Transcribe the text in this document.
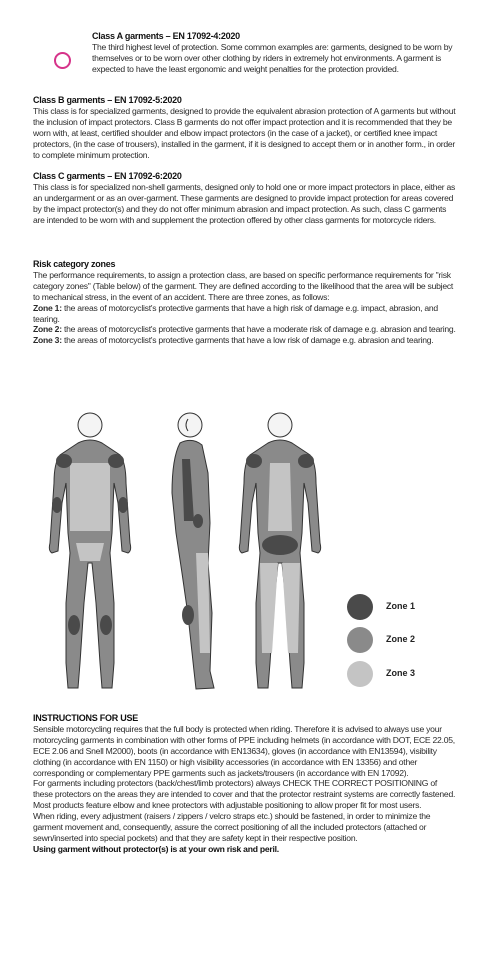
Class A garments – EN 17092-4:2020

The third highest level of protection. Some common examples are: garments, designed to be worn by themselves or to be worn over other clothing by riders in extremely hot environments. A garment is expected to have the least ergonomic and weight penalties for the protection provided.

Class B garments – EN 17092-5:2020

This class is for specialized garments, designed to provide the equivalent abrasion protection of A garments but without the inclusion of impact protectors. Class B garments do not offer impact protection and it is recommended that they be worn with, at least, certified shoulder and elbow impact protectors (in the case of a jacket), or certified knee impact protectors, (in the case of trousers), installed in the garment, if it is designed to accept them or in another form., in order to complete minimum protection.

Class C garments – EN 17092-6:2020

This class is for specialized non-shell garments, designed only to hold one or more impact protectors in place, either as an undergarment or as an over-garment. These garments are designed to provide impact protection for areas covered by the impact protector(s) and they do not offer minimum abrasion and impact protection. As such, class C garments are intended to be worn with and supplement the protection offered by other class garments for motorcycle riders.

Risk category zones

The performance requirements, to assign a protection class, are based on specific performance requirements for "risk category zones" (Table below) of the garment. They are defined according to the likelihood that the area will be subject to mechanical stress, in the event of an accident. There are three zones, as follows:

Zone 1: the areas of motorcyclist's protective garments that have a high risk of damage e.g. impact, abrasion, and tearing.

Zone 2: the areas of motorcyclist's protective garments that have a moderate risk of damage e.g. abrasion and tearing.

Zone 3: the areas of motorcyclist's protective garments that have a low risk of damage e.g. abrasion and tearing.

Zone 1
Zone 2
Zone 3
INSTRUCTIONS FOR USE

Sensible motorcycling requires that the full body is protected when riding. Therefore it is advised to always use your motorcycling garments in combination with other forms of PPE including helmets (in accordance with DOT, ECE 22.05, ECE 2.06 and Snell M2000), boots (in accordance with EN13634), gloves (in accordance with EN13594), visibility clothing (in accordance with EN 1150) or high visibility accessories (in accordance with EN 13356) and other corresponding or complementary PPE garments such as jackets/trousers (in accordance with EN 17092).

For garments including protectors (back/chest/limb protectors) always CHECK THE CORRECT POSITIONING of these protectors on the areas they are intended to cover and that the protector restraint systems are correctly fastened. Most products feature elbow and knee protectors with adjustable positioning to allow proper fit for most users.

When riding, every adjustment (raisers / zippers / velcro straps etc.) should be fastened, in order to minimize the garment movement and, consequently, assure the correct positioning of all the included protectors (attached or sewn/inserted into special pockets) and that they are safety kept in their respective position.

Using garment without protector(s) is at your own risk and peril.
